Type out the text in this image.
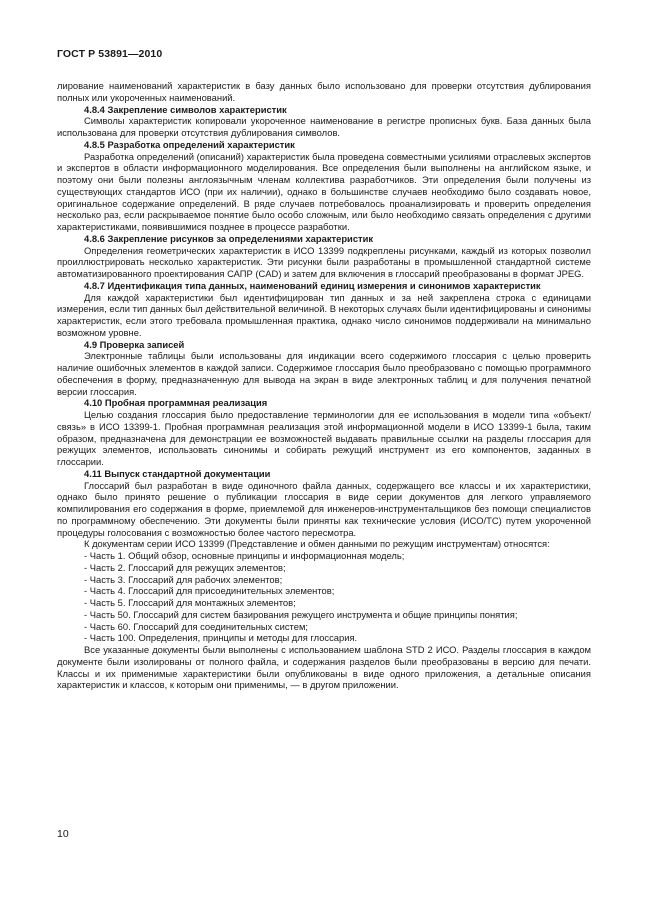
ГОСТ Р 53891—2010

лирование наименований характеристик в базу данных было использовано для проверки отсутствия дублирования полных или укороченных наименований.

4.8.4 Закрепление символов характеристик

Символы характеристик копировали укороченное наименование в регистре прописных букв. База данных была использована для проверки отсутствия дублирования символов.

4.8.5 Разработка определений характеристик

Разработка определений (описаний) характеристик была проведена совместными усилиями отраслевых экспертов и экспертов в области информационного моделирования. Все определения были выполнены на английском языке, и поэтому они были полезны англоязычным членам коллектива разработчиков. Эти определения были получены из существующих стандартов ИСО (при их наличии), однако в большинстве случаев необходимо было создавать новое, оригинальное содержание определений. В ряде случаев потребовалось проанализировать и проверить определения несколько раз, если раскрываемое понятие было особо сложным, или было необходимо связать определения с другими характеристиками, появившимися позднее в процессе разработки.

4.8.6 Закрепление рисунков за определениями характеристик

Определения геометрических характеристик в ИСО 13399 подкреплены рисунками, каждый из которых позволил проиллюстрировать несколько характеристик. Эти рисунки были разработаны в промышленной стандартной системе автоматизированного проектирования САПР (CAD) и затем для включения в глоссарий преобразованы в формат JPEG.

4.8.7 Идентификация типа данных, наименований единиц измерения и синонимов характеристик

Для каждой характеристики был идентифицирован тип данных и за ней закреплена строка с единицами измерения, если тип данных был действительной величиной. В некоторых случаях были идентифицированы и синонимы характеристик, если этого требовала промышленная практика, однако число синонимов поддерживали на минимально возможном уровне.

4.9 Проверка записей

Электронные таблицы были использованы для индикации всего содержимого глоссария с целью проверить наличие ошибочных элементов в каждой записи. Содержимое глоссария было преобразовано с помощью программного обеспечения в форму, предназначенную для вывода на экран в виде электронных таблиц и для получения печатной версии глоссария.

4.10 Пробная программная реализация

Целью создания глоссария было предоставление терминологии для ее использования в модели типа «объект/связь» в ИСО 13399-1. Пробная программная реализация этой информационной модели в ИСО 13399-1 была, таким образом, предназначена для демонстрации ее возможностей выдавать правильные ссылки на разделы глоссария для режущих элементов, использовать синонимы и собирать режущий инструмент из его компонентов, заданных в глоссарии.

4.11 Выпуск стандартной документации

Глоссарий был разработан в виде одиночного файла данных, содержащего все классы и их характеристики, однако было принято решение о публикации глоссария в виде серии документов для легкого управляемого компилирования его содержания в форме, приемлемой для инженеров-инструментальщиков без помощи специалистов по программному обеспечению. Эти документы были приняты как технические условия (ИСО/ТС) путем укороченной процедуры голосования с возможностью более частого пересмотра.

К документам серии ИСО 13399 (Представление и обмен данными по режущим инструментам) относятся:

- Часть 1. Общий обзор, основные принципы и информационная модель;

- Часть 2. Глоссарий для режущих элементов;

- Часть 3. Глоссарий для рабочих элементов;

- Часть 4. Глоссарий для присоединительных элементов;

- Часть 5. Глоссарий для монтажных элементов;

- Часть 50. Глоссарий для систем базирования режущего инструмента и общие принципы понятия;

- Часть 60. Глоссарий для соединительных систем;

- Часть 100. Определения, принципы и методы для глоссария.

Все указанные документы были выполнены с использованием шаблона STD 2 ИСО. Разделы глоссария в каждом документе были изолированы от полного файла, и содержания разделов были преобразованы в версию для печати. Классы и их применимые характеристики были опубликованы в виде одного приложения, а детальные описания характеристик и классов, к которым они применимы, — в другом приложении.

10
